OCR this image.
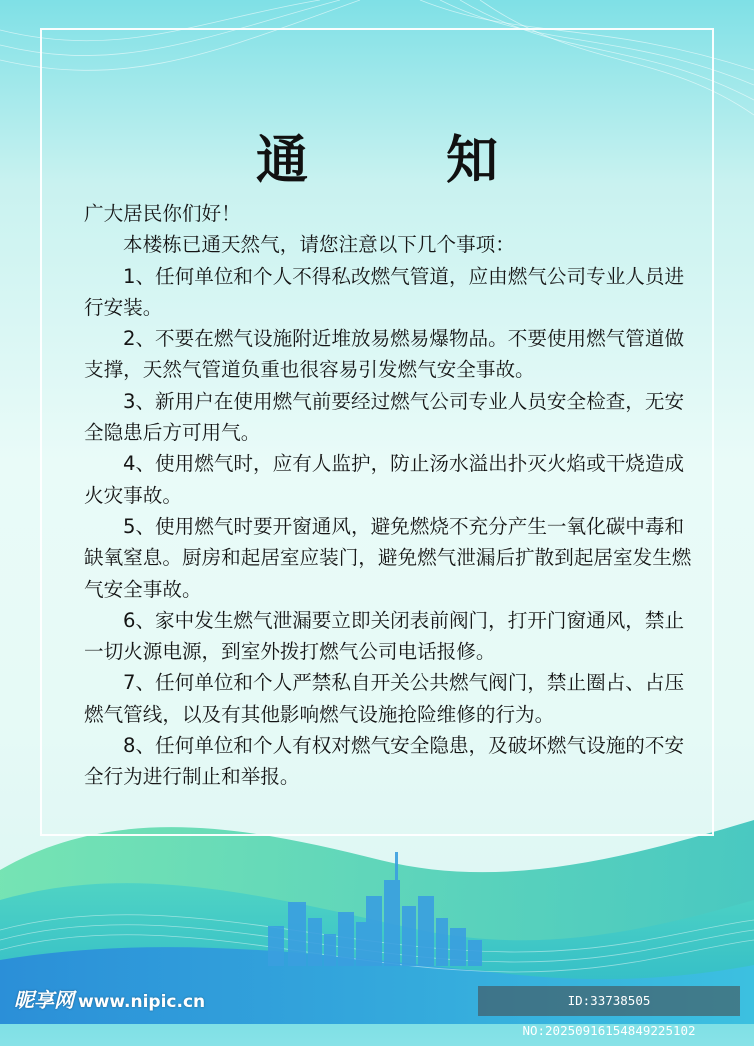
通 知

广大居民你们好！

本楼栋已通天然气，请您注意以下几个事项：

1、任何单位和个人不得私改燃气管道，应由燃气公司专业人员进行安装。

2、不要在燃气设施附近堆放易燃易爆物品。不要使用燃气管道做支撑，天然气管道负重也很容易引发燃气安全事故。

3、新用户在使用燃气前要经过燃气公司专业人员安全检查，无安全隐患后方可用气。

4、使用燃气时，应有人监护，防止汤水溢出扑灭火焰或干烧造成火灾事故。

5、使用燃气时要开窗通风，避免燃烧不充分产生一氧化碳中毒和缺氧窒息。厨房和起居室应装门，避免燃气泄漏后扩散到起居室发生燃气安全事故。

6、家中发生燃气泄漏要立即关闭表前阀门，打开门窗通风，禁止一切火源电源，到室外拨打燃气公司电话报修。

7、任何单位和个人严禁私自开关公共燃气阀门，禁止圈占、占压燃气管线，以及有其他影响燃气设施抢险维修的行为。

8、任何单位和个人有权对燃气安全隐患，及破坏燃气设施的不安全行为进行制止和举报。

昵享网 www.nipic.cn	ID:33738505 NO:20250916154849225102
